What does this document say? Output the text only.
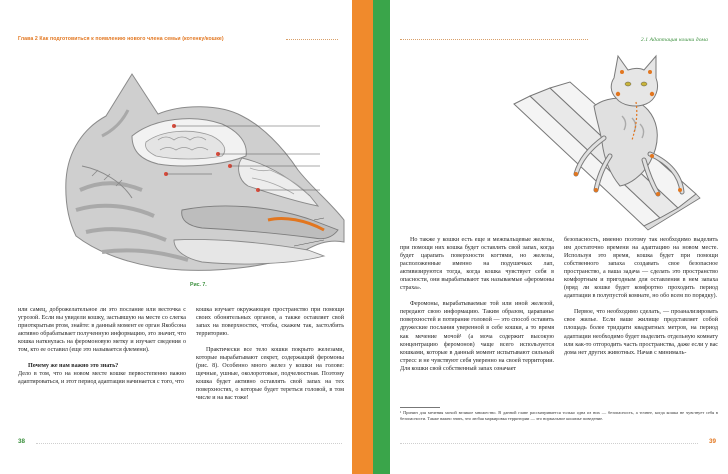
Глава 2 Как подготовиться к появлению нового члена семьи (котенку/кошке)
Рис. 7.

или самец, доброжелательное ли это послание или весточка с угрозой. Если вы увидели кошку, застывшую на месте со слегка приоткрытым ртом, знайте: в данный момент ее орган Якобсона активно обрабатывает полученную информацию, это значит, что кошка наткнулась на феромоновую метку и изучает сведения о том, кто ее оставил (еще это называется флемени).

Почему же нам важно это знать?

Дело в том, что на новом месте кошке первостепенно важно адаптироваться, и этот период адаптации начинается с того, что

кошка изучает окружающее пространство при помощи своих обонятельных органов, а также оставляет свой запах на поверхностях, чтобы, скажем так, застолбить территорию.

Практически все тело кошки покрыто железами, которые вырабатывают секрет, содержащий феромоны (рис. 8). Особенно много желез у кошки на голове: щечные, ушные, околоротовые, подчелюстная. Поэтому кошка будет активно оставлять свой запах на тех поверхностях, о которые будет тереться головой, в том числе и на вас тоже!

38
2.1 Адаптация кошки дома

Но также у кошки есть еще и межпальцевые железы, при помощи них кошка будет оставлять свой запах, когда будет царапать поверхности когтями, но железы, расположенные именно на подушечках лап, активизируются тогда, когда кошка чувствует себя в опасности, они вырабатывают так называемые «феромоны страха».

Феромоны, вырабатываемые той или иной железой, передают свою информацию. Таким образом, царапанье поверхностей и потирание головой — это способ оставить дружеские послания уверенной в себе кошки, а то время как мечение мочой¹ (а моча содержит высокую концентрацию феромонов) чаще всего используется кошками, которые в данный момент испытывают сильный стресс и не чувствуют себя уверенно на своей территории. Для кошки свой собственный запах означает

безопасность, именно поэтому так необходимо выделить им достаточно времени на адаптацию на новом месте. Используя это время, кошка будет при помощи собственного запаха создавать свое безопасное пространство, а ваша задача — сделать это пространство комфортным и пригодным для оставления в нем запаха (вряд ли кошке будет комфортно проходить период адаптации в полупустой комнате, но обо всем по порядку).

Первое, что необходимо сделать, — проанализировать свое жилье. Если ваше жилище представляет собой площадь более тридцати квадратных метров, на период адаптации необходимо будет выделить отдельную комнату или как-то отгородить часть пространства, даже если у вас дома нет других животных. Начав с минималь-

¹ Причин для мечения мочой великое множество. В данной главе рассматривается только одна из них — безопасность, а точнее, когда кошка не чувствует себя в безопасности. Также важно знать, что любая маркировка территории — это нормальное кошачье поведение.
39
